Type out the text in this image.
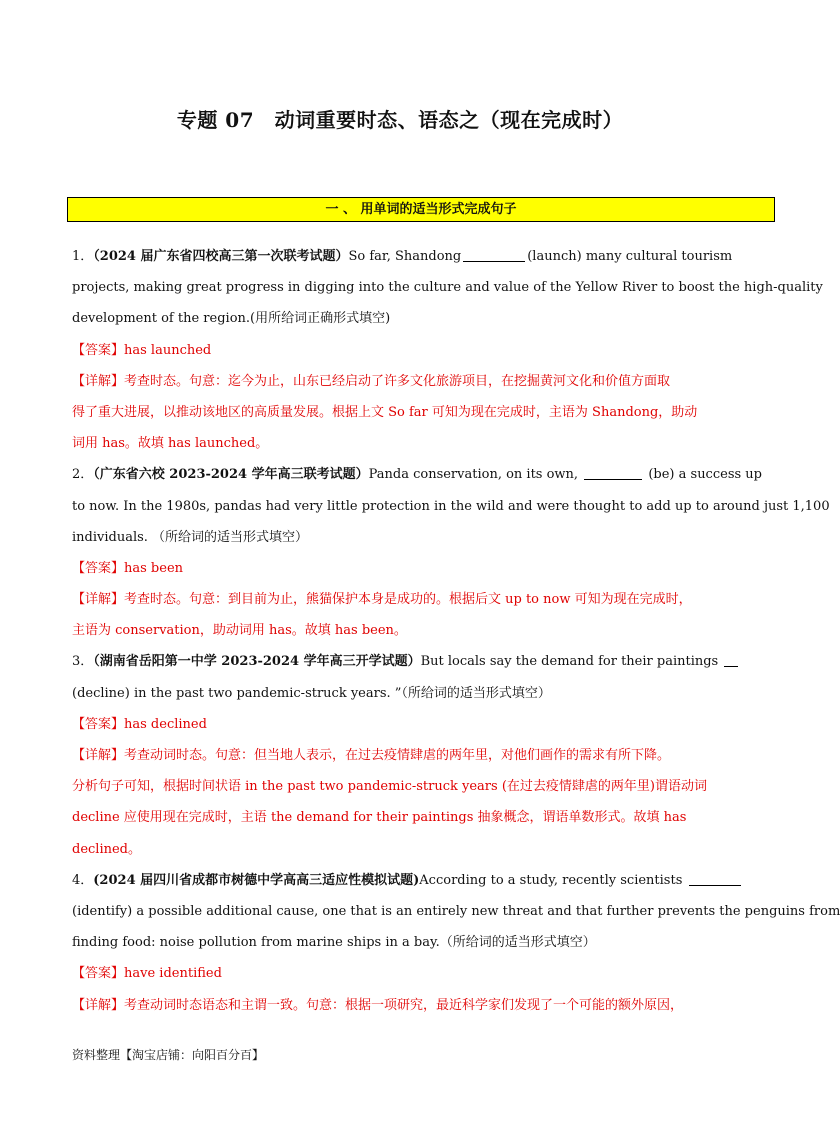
专题 07　动词重要时态、语态之（现在完成时）
一 、 用单词的适当形式完成句子
1．（2024 届广东省四校高三第一次联考试题）So far, Shandong	(launch) many cultural tourism
projects, making great progress in digging into the culture and value of the Yellow River to boost the high-quality
development of the region.(用所给词正确形式填空)
【答案】has launched
【详解】考查时态。句意：迄今为止，山东已经启动了许多文化旅游项目，在挖掘黄河文化和价值方面取
得了重大进展，以推动该地区的高质量发展。根据上文 So far 可知为现在完成时，主语为 Shandong，助动
词用 has。故填 has launched。
2．（广东省六校 2023-2024 学年高三联考试题）Panda conservation, on its own,	(be) a success up
to now. In the 1980s, pandas had very little protection in the wild and were thought to add up to around just 1,100
individuals. （所给词的适当形式填空）
【答案】has been
【详解】考查时态。句意：到目前为止，熊猫保护本身是成功的。根据后文 up to now 可知为现在完成时，
主语为 conservation，助动词用 has。故填 has been。
3．（湖南省岳阳第一中学 2023-2024 学年高三开学试题）But locals say the demand for their paintings
(decline) in the past two pandemic-struck years. ”（所给词的适当形式填空）
【答案】has declined
【详解】考查动词时态。句意：但当地人表示，在过去疫情肆虐的两年里，对他们画作的需求有所下降。
分析句子可知，根据时间状语 in the past two pandemic-struck years (在过去疫情肆虐的两年里)谓语动词
decline 应使用现在完成时，主语 the demand for their paintings 抽象概念，谓语单数形式。故填 has
declined。
4．(2024 届四川省成都市树德中学高高三适应性模拟试题)According to a study, recently scientists
(identify) a possible additional cause, one that is an entirely new threat and that further prevents the penguins from
finding food: noise pollution from marine ships in a bay.（所给词的适当形式填空）
【答案】have identified
【详解】考查动词时态语态和主谓一致。句意：根据一项研究，最近科学家们发现了一个可能的额外原因，
资料整理【淘宝店铺：向阳百分百】
